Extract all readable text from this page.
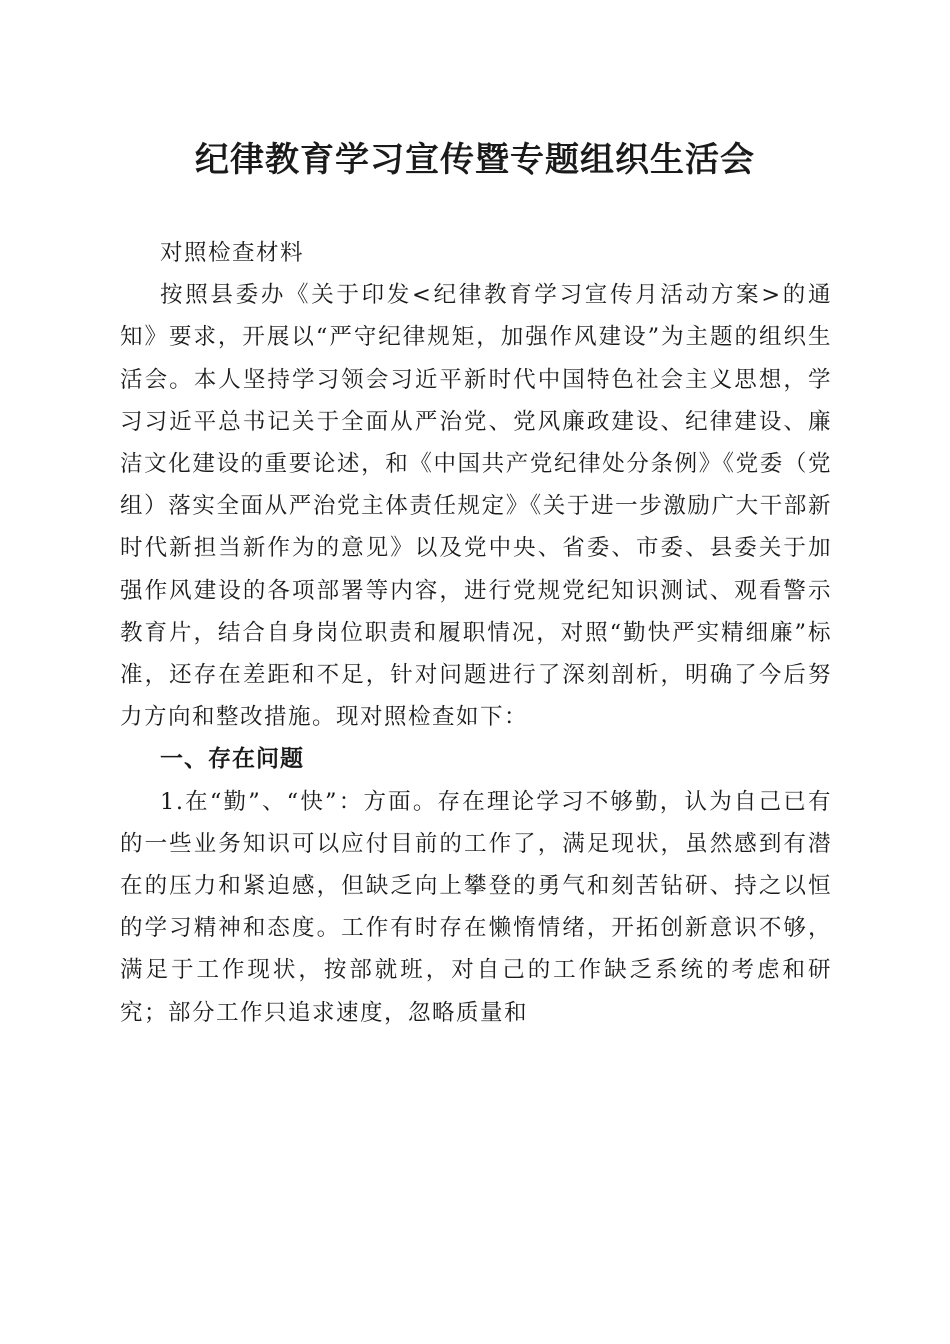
纪律教育学习宣传暨专题组织生活会

对照检查材料

按照县委办《关于印发<纪律教育学习宣传月活动方案>的通知》要求，开展以“严守纪律规矩，加强作风建设”为主题的组织生活会。本人坚持学习领会习近平新时代中国特色社会主义思想，学习习近平总书记关于全面从严治党、党风廉政建设、纪律建设、廉洁文化建设的重要论述，和《中国共产党纪律处分条例》《党委（党组）落实全面从严治党主体责任规定》《关于进一步激励广大干部新时代新担当新作为的意见》以及党中央、省委、市委、县委关于加强作风建设的各项部署等内容，进行党规党纪知识测试、观看警示教育片，结合自身岗位职责和履职情况，对照“勤快严实精细廉”标准，还存在差距和不足，针对问题进行了深刻剖析，明确了今后努力方向和整改措施。现对照检查如下：

一、存在问题

1.在“勤”、“快”：方面。存在理论学习不够勤，认为自己已有的一些业务知识可以应付目前的工作了，满足现状，虽然感到有潜在的压力和紧迫感，但缺乏向上攀登的勇气和刻苦钻研、持之以恒的学习精神和态度。工作有时存在懒惰情绪，开拓创新意识不够，满足于工作现状，按部就班，对自己的工作缺乏系统的考虑和研究；部分工作只追求速度，忽略质量和
